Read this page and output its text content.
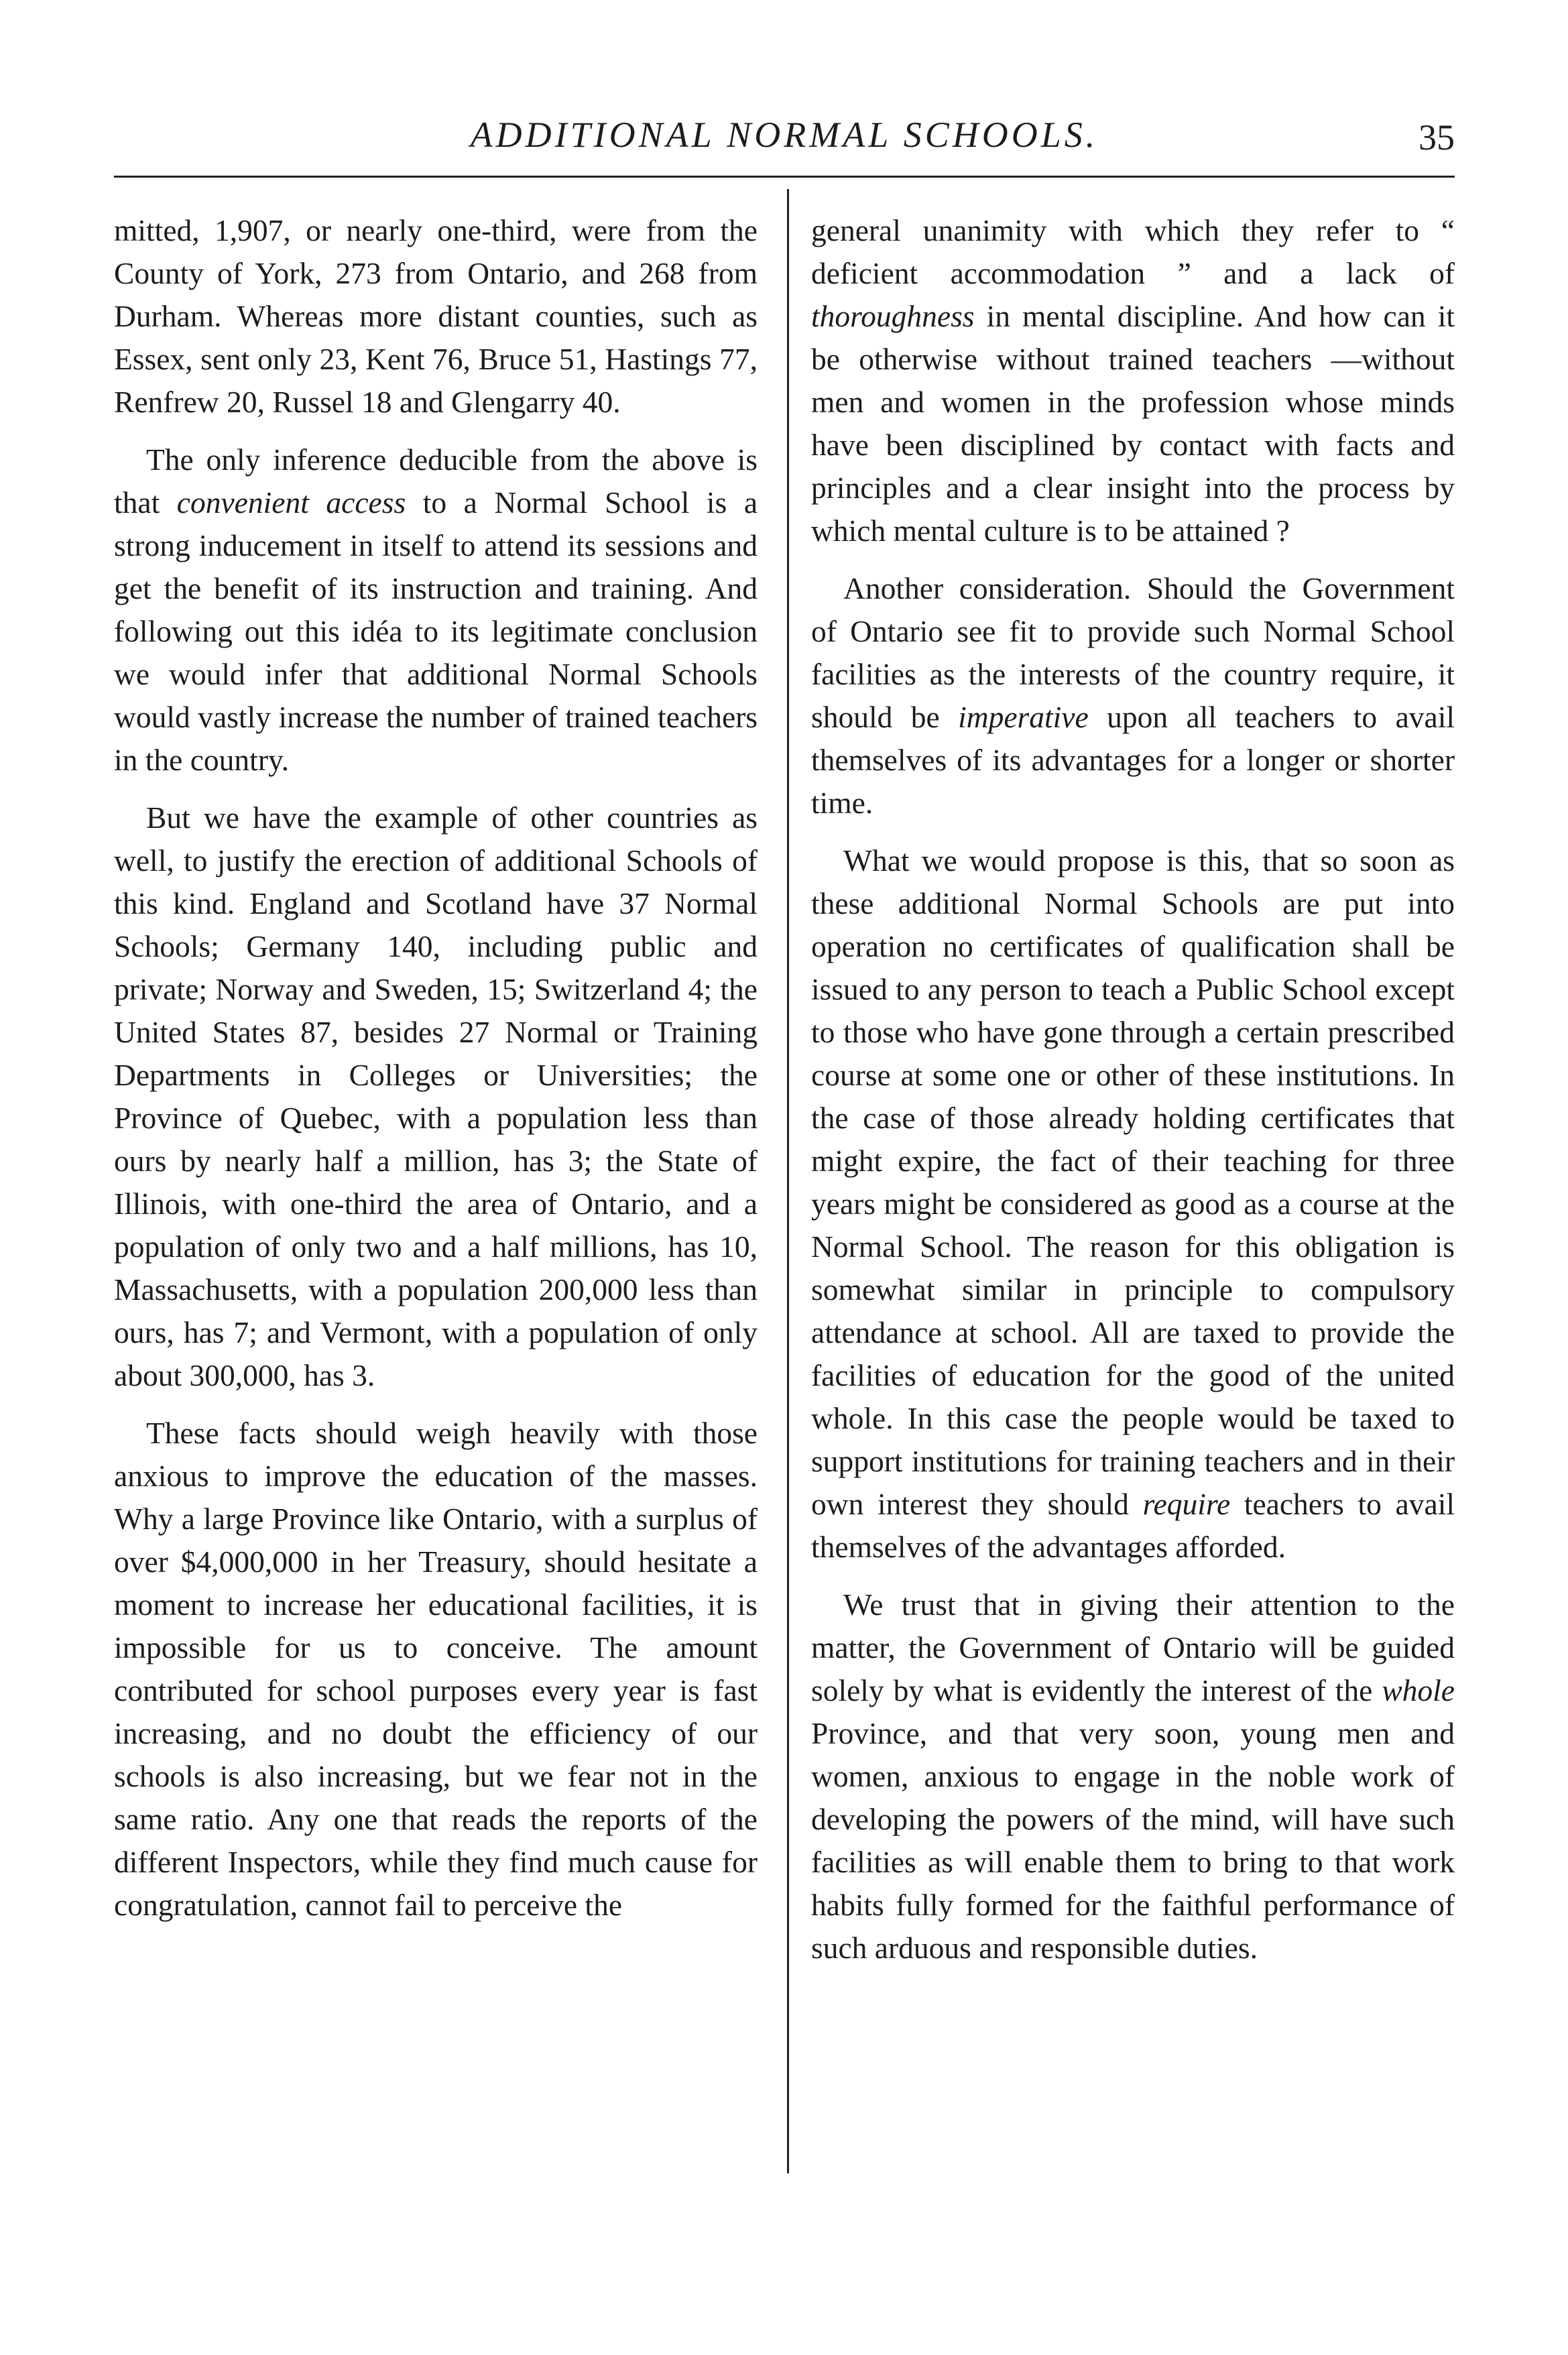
ADDITIONAL NORMAL SCHOOLS.	35

mitted, 1,907, or nearly one-third, were from the County of York, 273 from Ontario, and 268 from Durham. Whereas more distant counties, such as Essex, sent only 23, Kent 76, Bruce 51, Hastings 77, Renfrew 20, Russel 18 and Glengarry 40.

The only inference deducible from the above is that convenient access to a Normal School is a strong inducement in itself to attend its sessions and get the benefit of its instruction and training. And following out this idéa to its legitimate conclusion we would infer that additional Normal Schools would vastly increase the number of trained teachers in the country.

But we have the example of other countries as well, to justify the erection of additional Schools of this kind. England and Scotland have 37 Normal Schools; Germany 140, including public and private; Norway and Sweden, 15; Switzerland 4; the United States 87, besides 27 Normal or Training Departments in Colleges or Universities; the Province of Quebec, with a population less than ours by nearly half a million, has 3; the State of Illinois, with one-third the area of Ontario, and a population of only two and a half millions, has 10, Massachusetts, with a population 200,000 less than ours, has 7; and Vermont, with a population of only about 300,000, has 3.

These facts should weigh heavily with those anxious to improve the education of the masses. Why a large Province like Ontario, with a surplus of over $4,000,000 in her Treasury, should hesitate a moment to increase her educational facilities, it is impossible for us to conceive. The amount contributed for school purposes every year is fast increasing, and no doubt the efficiency of our schools is also increasing, but we fear not in the same ratio. Any one that reads the reports of the different Inspectors, while they find much cause for congratulation, cannot fail to perceive the

general unanimity with which they refer to “ deficient accommodation ” and a lack of thoroughness in mental discipline. And how can it be otherwise without trained teachers —without men and women in the profession whose minds have been disciplined by contact with facts and principles and a clear insight into the process by which mental culture is to be attained ?

Another consideration. Should the Government of Ontario see fit to provide such Normal School facilities as the interests of the country require, it should be imperative upon all teachers to avail themselves of its advantages for a longer or shorter time.

What we would propose is this, that so soon as these additional Normal Schools are put into operation no certificates of qualification shall be issued to any person to teach a Public School except to those who have gone through a certain prescribed course at some one or other of these institutions. In the case of those already holding certificates that might expire, the fact of their teaching for three years might be considered as good as a course at the Normal School. The reason for this obligation is somewhat similar in principle to compulsory attendance at school. All are taxed to provide the facilities of education for the good of the united whole. In this case the people would be taxed to support institutions for training teachers and in their own interest they should require teachers to avail themselves of the advantages afforded.

We trust that in giving their attention to the matter, the Government of Ontario will be guided solely by what is evidently the interest of the whole Province, and that very soon, young men and women, anxious to engage in the noble work of developing the powers of the mind, will have such facilities as will enable them to bring to that work habits fully formed for the faithful performance of such arduous and responsible duties.
